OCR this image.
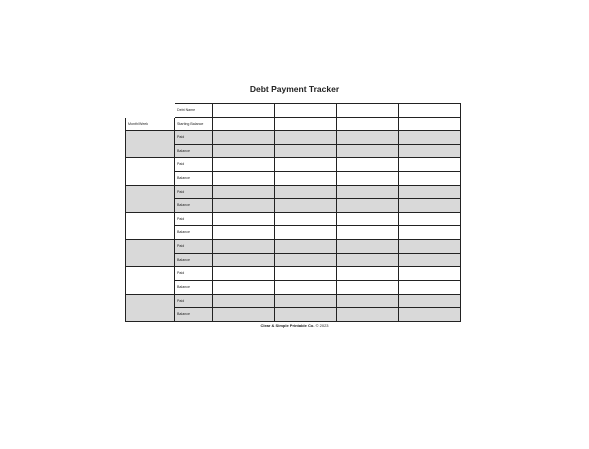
Debt Payment Tracker
Debt Name
Month/Week	Starting Balance
Paid
Balance
Paid
Balance
Paid
Balance
Paid
Balance
Paid
Balance
Paid
Balance
Paid
Balance
Clear & Simple Printable Co. © 2023
